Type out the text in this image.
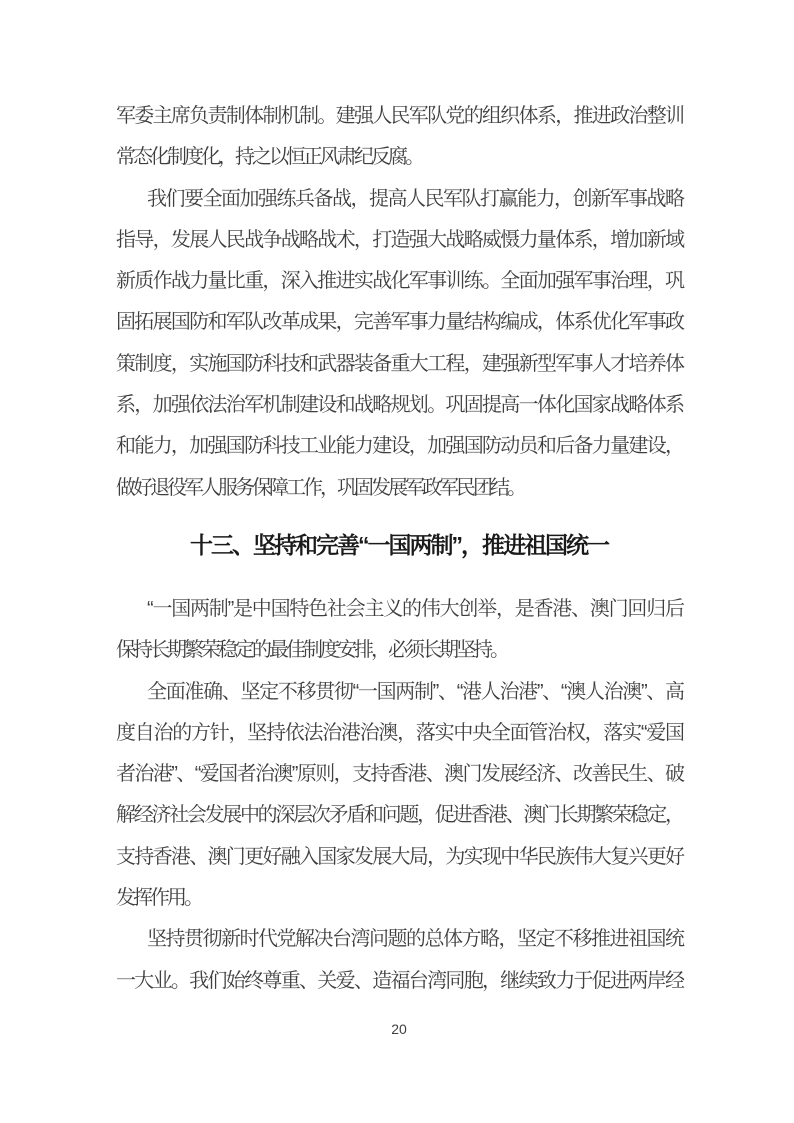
军委主席负责制体制机制。建强人民军队党的组织体系，推进政治整训
常态化制度化，持之以恒正风肃纪反腐。
我们要全面加强练兵备战，提高人民军队打赢能力，创新军事战略
指导，发展人民战争战略战术，打造强大战略威慑力量体系，增加新域
新质作战力量比重，深入推进实战化军事训练。全面加强军事治理，巩
固拓展国防和军队改革成果，完善军事力量结构编成，体系优化军事政
策制度，实施国防科技和武器装备重大工程，建强新型军事人才培养体
系，加强依法治军机制建设和战略规划。巩固提高一体化国家战略体系
和能力，加强国防科技工业能力建设，加强国防动员和后备力量建设，
做好退役军人服务保障工作，巩固发展军政军民团结。
十三、坚持和完善“一国两制”，推进祖国统一
“一国两制”是中国特色社会主义的伟大创举，是香港、澳门回归后
保持长期繁荣稳定的最佳制度安排，必须长期坚持。
全面准确、坚定不移贯彻“一国两制”、“港人治港”、“澳人治澳”、高
度自治的方针，坚持依法治港治澳，落实中央全面管治权，落实“爱国
者治港”、“爱国者治澳”原则，支持香港、澳门发展经济、改善民生、破
解经济社会发展中的深层次矛盾和问题，促进香港、澳门长期繁荣稳定，
支持香港、澳门更好融入国家发展大局，为实现中华民族伟大复兴更好
发挥作用。
坚持贯彻新时代党解决台湾问题的总体方略，坚定不移推进祖国统
一大业。我们始终尊重、关爱、造福台湾同胞，继续致力于促进两岸经
20
